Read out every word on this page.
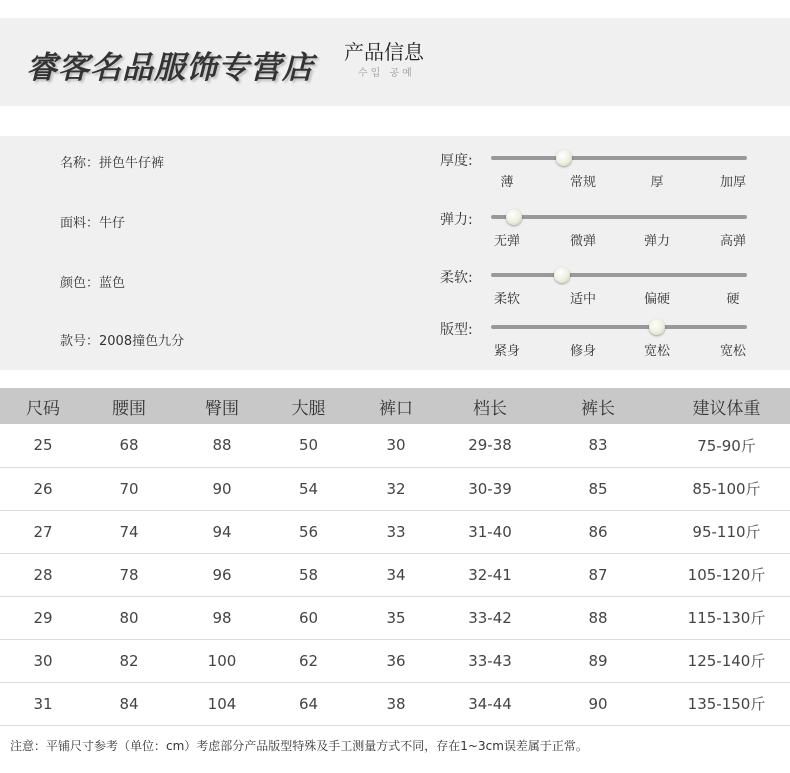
睿客名品服饰专营店 产品信息
수입 공예
名称：拼色牛仔裤
面料：牛仔
颜色：蓝色
款号：2008撞色九分
厚度:
薄	常规	厚	加厚
弹力:
无弹	微弹	弹力	高弹
柔软:
柔软	适中	偏硬	硬
版型:
紧身	修身	宽松	宽松
尺码	腰围	臀围	大腿	裤口	档长	裤长	建议体重
25	68	88	50	30	29-38	83	75-90斤
26	70	90	54	32	30-39	85	85-100斤
27	74	94	56	33	31-40	86	95-110斤
28	78	96	58	34	32-41	87	105-120斤
29	80	98	60	35	33-42	88	115-130斤
30	82	100	62	36	33-43	89	125-140斤
31	84	104	64	38	34-44	90	135-150斤
注意：平铺尺寸参考（单位：cm）考虑部分产品版型特殊及手工测量方式不同，存在1~3cm误差属于正常。
